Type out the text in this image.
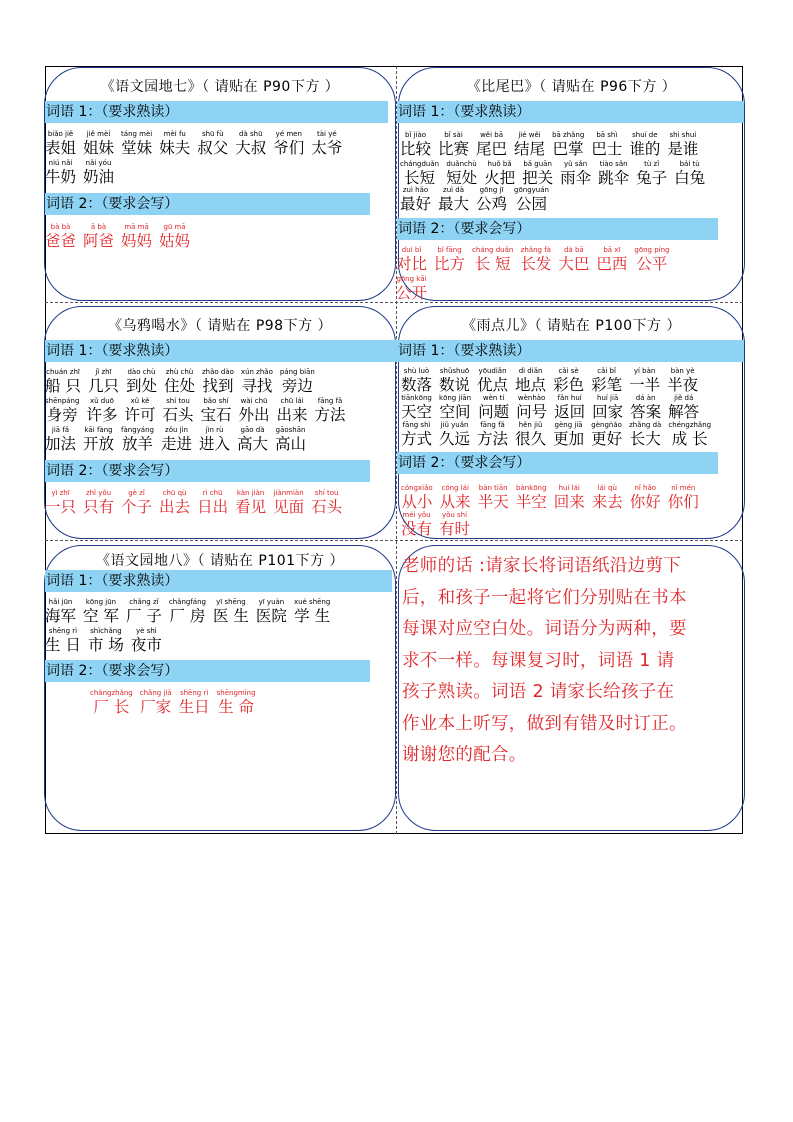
《语文园地七》（ 请贴在 P90下方 ）
词语 1：（要求熟读）
biǎo jiě
表姐
jiě mèi
姐妹
táng mèi
堂妹
mèi fu
妹夫
shū fù
叔父
dà shū
大叔
yé men
爷们
tài yé
太爷
niú nǎi
牛奶
nǎi yóu
奶油
词语 2：（要求会写）
bà bà
爸爸
ā bà
阿爸
mā mā
妈妈
gū mā
姑妈
《比尾巴》（ 请贴在 P96下方 ）
词语 1：（要求熟读）
bǐ jiào
比较
bǐ sài
比赛
wěi bā
尾巴
jié wěi
结尾
bā zhǎng
巴掌
bā shì
巴士
shuí de
谁的
shì shuí
是谁
chángduǎn
长短
duǎnchù
短处
huǒ bǎ
火把
bǎ guān
把关
yǔ sǎn
雨伞
tiào sǎn
跳伞
tù zǐ
兔子
bái tù
白兔
zuì hǎo
最好
zuì dà
最大
gōng jī
公鸡
gōngyuán
公园
词语 2：（要求会写）
duì bǐ
对比
bǐ fāng
比方
cháng duǎn
长 短
zhǎng fà
长发
dà bā
大巴
bā xī
巴西
gōng píng
公平
gōng kāi
公开
《乌鸦喝水》（ 请贴在 P98下方 ）
词语 1：（要求熟读）
chuán zhī
船 只
jǐ zhī
几只
dào chù
到处
zhù chù
住处
zhǎo dào
找到
xún zhǎo
寻找
páng biān
旁边
shēnpáng
身旁
xǔ duō
许多
xǔ kě
许可
shí tou
石头
bǎo shí
宝石
wài chū
外出
chū lái
出来
fāng fǎ
方法
jiā fǎ
加法
kāi fàng
开放
fàngyáng
放羊
zǒu jìn
走进
jìn rù
进入
gāo dà
高大
gāoshān
高山
词语 2：（要求会写）
yì zhī
一只
zhǐ yǒu
只有
gè zǐ
个子
chū qù
出去
rì chū
日出
kàn jiàn
看见
jiànmiàn
见面
shí tou
石头
《雨点儿》（ 请贴在 P100下方 ）
词语 1：（要求熟读）
shù luò
数落
shǔshuō
数说
yōudiǎn
优点
dì diǎn
地点
cǎi sè
彩色
cǎi bǐ
彩笔
yí bàn
一半
bàn yè
半夜
tiānkōng
天空
kōng jiān
空间
wèn tí
问题
wènhào
问号
fǎn huí
返回
huí jiā
回家
dá àn
答案
jiě dá
解答
fāng shì
方式
jiǔ yuǎn
久远
fāng fǎ
方法
hěn jiǔ
很久
gèng jiā
更加
gèngǹǎo
更好
zhǎng dà
长大
chéngzhǎng
成 长
词语 2：（要求会写）
cóngxiǎo
从小
cóng lái
从来
bàn tiān
半天
bànkōng
半空
huí lái
回来
lái qù
来去
nǐ hǎo
你好
nǐ mén
你们
méi yǒu
没有
yǒu shí
有时
《语文园地八》（ 请贴在 P101下方 ）
词语 1：（要求熟读）
hǎi jūn
海军
kōng jūn
空 军
chǎng zǐ
厂 子
chǎngfáng
厂 房
yī shēng
医 生
yī yuàn
医院
xué shēng
学 生
shēng rì
生 日
shìchǎng
市 场
yè shì
夜市
词语 2：（要求会写）
chǎngzhǎng
厂 长
chǎng jiā
厂家
shēng rì
生日
shēngmìng
生 命
老师的话 :请家长将词语纸沿边剪下
后，和孩子一起将它们分别贴在书本
每课对应空白处。词语分为两种，要
求不一样。每课复习时，词语 1 请
孩子熟读。词语 2 请家长给孩子在
作业本上听写，做到有错及时订正。
谢谢您的配合。
